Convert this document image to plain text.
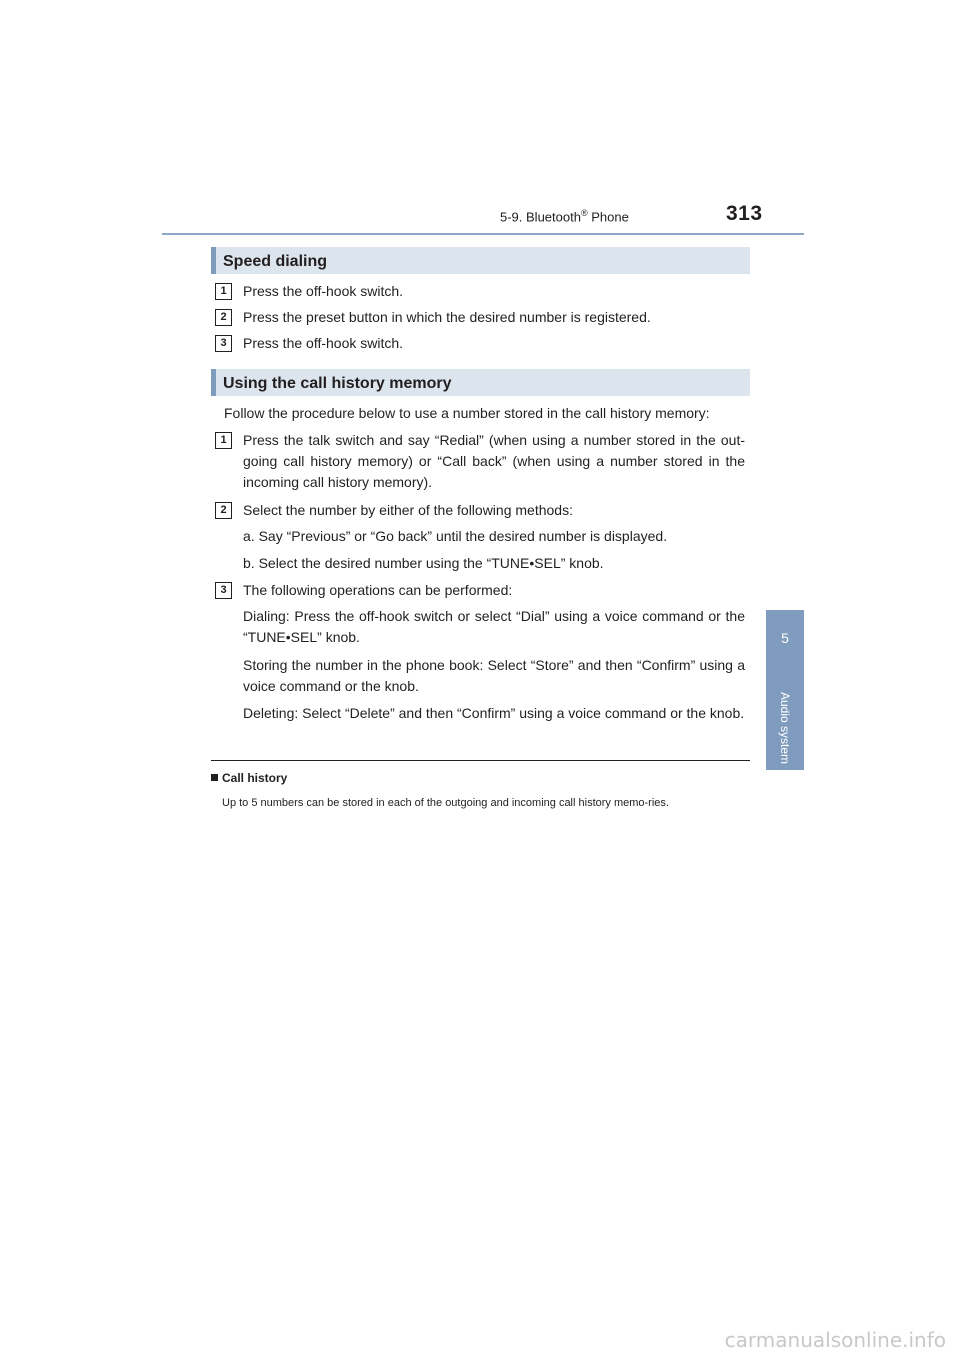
5-9. Bluetooth® Phone	313
5
Audio system
Speed dialing
1	Press the off-hook switch.
2	Press the preset button in which the desired number is registered.
3	Press the off-hook switch.
Using the call history memory
Follow the procedure below to use a number stored in the call history memory:
1	Press the talk switch and say “Redial” (when using a number stored in the out-going call history memory) or “Call back” (when using a number stored in the incoming call history memory).
2	Select the number by either of the following methods:
a. Say “Previous” or “Go back” until the desired number is displayed.
b. Select the desired number using the “TUNE•SEL” knob.
3	The following operations can be performed:
Dialing: Press the off-hook switch or select “Dial” using a voice command or the “TUNE•SEL” knob.
Storing the number in the phone book: Select “Store” and then “Confirm” using a voice command or the knob.
Deleting: Select “Delete” and then “Confirm” using a voice command or the knob.
Call history
Up to 5 numbers can be stored in each of the outgoing and incoming call history memo-ries.
carmanualsonline.info
